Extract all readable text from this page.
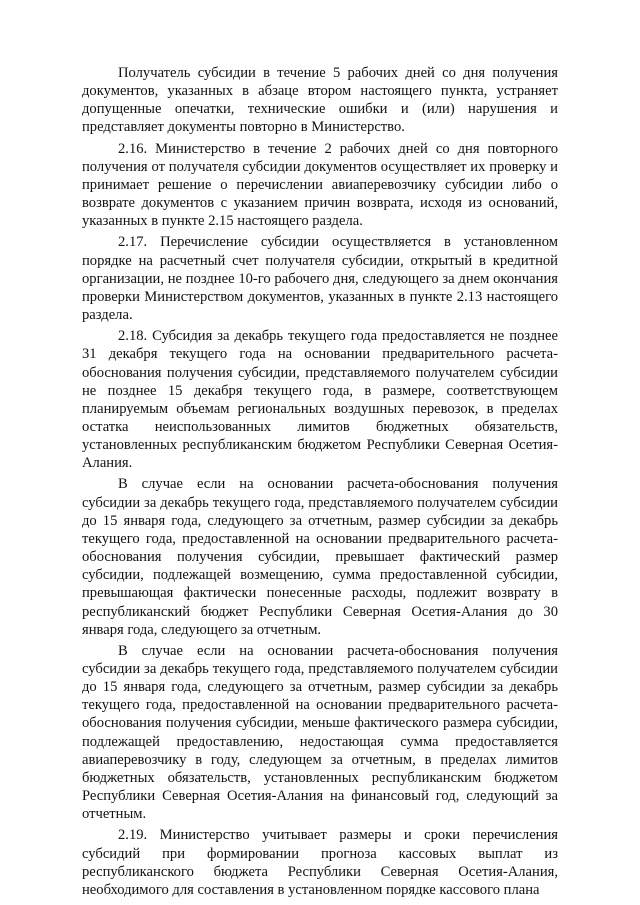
Получатель субсидии в течение 5 рабочих дней со дня получения документов, указанных в абзаце втором настоящего пункта, устраняет допущенные опечатки, технические ошибки и (или) нарушения и представляет документы повторно в Министерство.

2.16. Министерство в течение 2 рабочих дней со дня повторного получения от получателя субсидии документов осуществляет их проверку и принимает решение о перечислении авиаперевозчику субсидии либо о возврате документов с указанием причин возврата, исходя из оснований, указанных в пункте 2.15 настоящего раздела.

2.17. Перечисление субсидии осуществляется в установленном порядке на расчетный счет получателя субсидии, открытый в кредитной организации, не позднее 10-го рабочего дня, следующего за днем окончания проверки Министерством документов, указанных в пункте 2.13 настоящего раздела.

2.18. Субсидия за декабрь текущего года предоставляется не позднее 31 декабря текущего года на основании предварительного расчета-обоснования получения субсидии, представляемого получателем субсидии не позднее 15 декабря текущего года, в размере, соответствующем планируемым объемам региональных воздушных перевозок, в пределах остатка неиспользованных лимитов бюджетных обязательств, установленных республиканским бюджетом Республики Северная Осетия-Алания.

В случае если на основании расчета-обоснования получения субсидии за декабрь текущего года, представляемого получателем субсидии до 15 января года, следующего за отчетным, размер субсидии за декабрь текущего года, предоставленной на основании предварительного расчета-обоснования получения субсидии, превышает фактический размер субсидии, подлежащей возмещению, сумма предоставленной субсидии, превышающая фактически понесенные расходы, подлежит возврату в республиканский бюджет Республики Северная Осетия-Алания до 30 января года, следующего за отчетным.

В случае если на основании расчета-обоснования получения субсидии за декабрь текущего года, представляемого получателем субсидии до 15 января года, следующего за отчетным, размер субсидии за декабрь текущего года, предоставленной на основании предварительного расчета-обоснования получения субсидии, меньше фактического размера субсидии, подлежащей предоставлению, недостающая сумма предоставляется авиаперевозчику в году, следующем за отчетным, в пределах лимитов бюджетных обязательств, установленных республиканским бюджетом Республики Северная Осетия-Алания на финансовый год, следующий за отчетным.

2.19. Министерство учитывает размеры и сроки перечисления субсидий при формировании прогноза кассовых выплат из республиканского бюджета Республики Северная Осетия-Алания, необходимого для составления в установленном порядке кассового плана
